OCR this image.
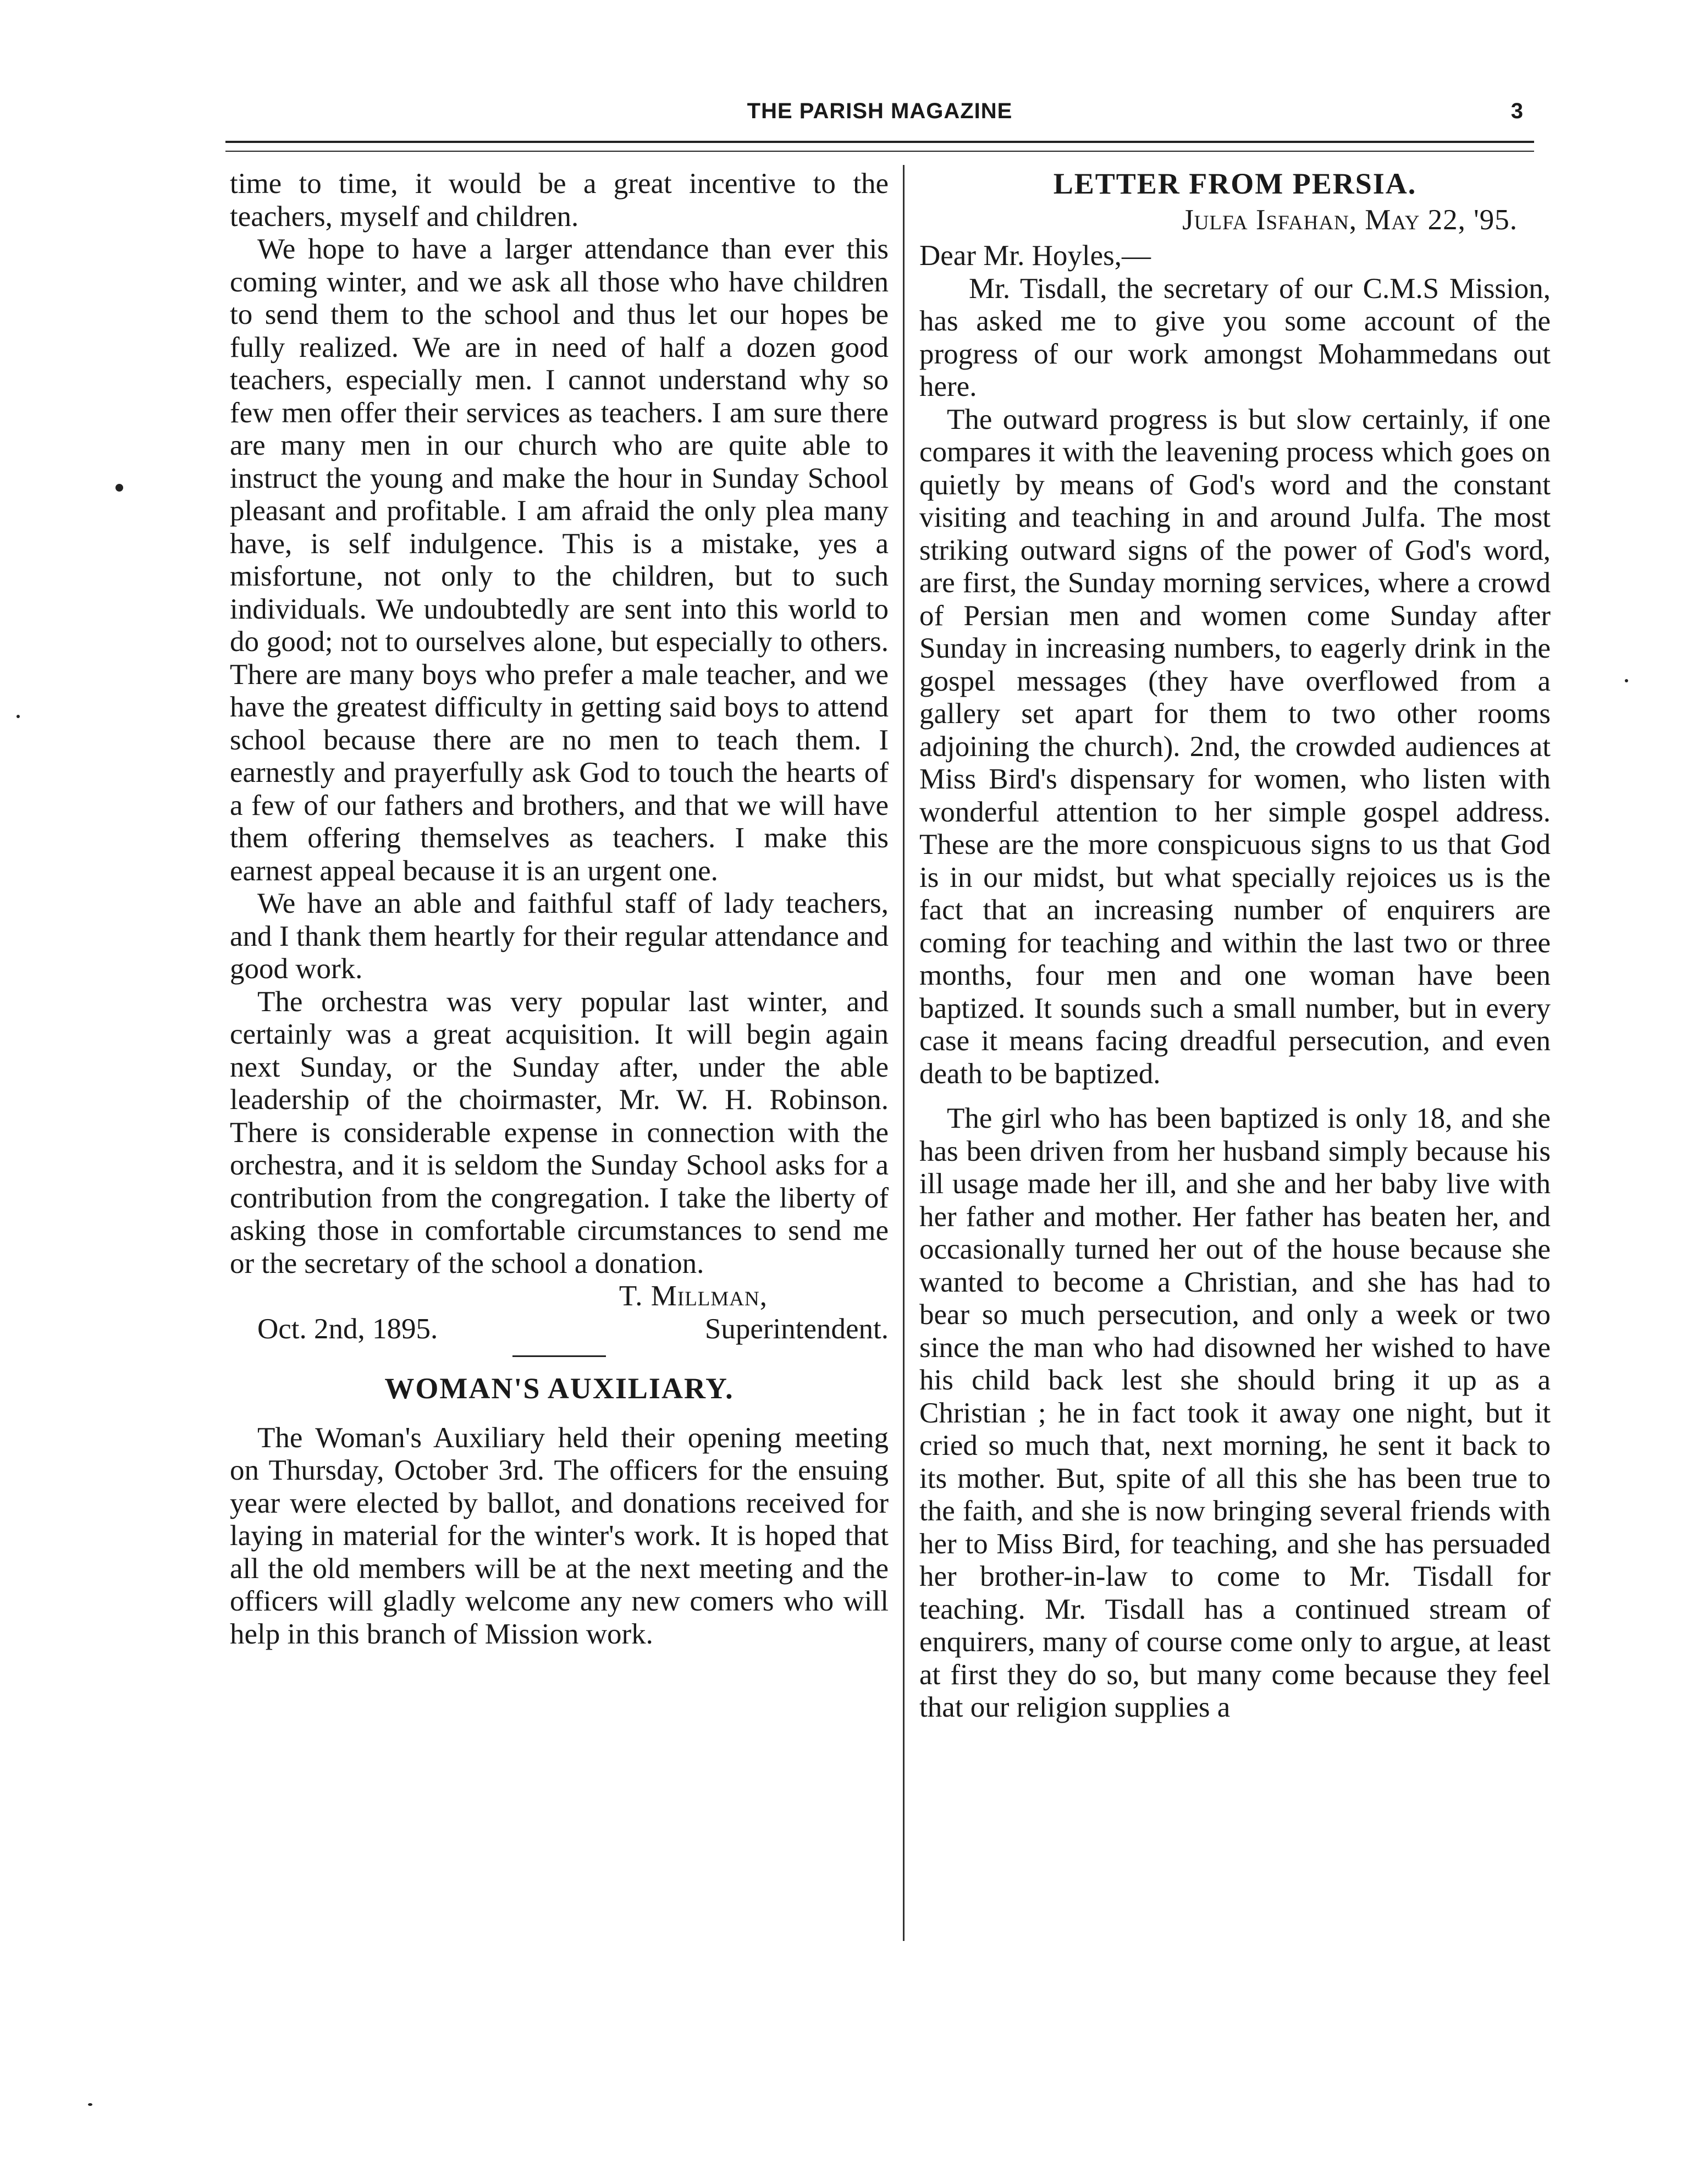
THE PARISH MAGAZINE	3

time to time, it would be a great incentive to the teachers, myself and children.

We hope to have a larger attendance than ever this coming winter, and we ask all those who have children to send them to the school and thus let our hopes be fully realized. We are in need of half a dozen good teachers, especially men. I cannot understand why so few men offer their services as teachers. I am sure there are many men in our church who are quite able to instruct the young and make the hour in Sunday School pleasant and profitable. I am afraid the only plea many have, is self indulgence. This is a mistake, yes a misfortune, not only to the children, but to such individuals. We undoubtedly are sent into this world to do good; not to ourselves alone, but especially to others. There are many boys who prefer a male teacher, and we have the greatest difficulty in getting said boys to attend school because there are no men to teach them. I earnestly and prayerfully ask God to touch the hearts of a few of our fathers and brothers, and that we will have them offering themselves as teachers. I make this earnest appeal because it is an urgent one.

We have an able and faithful staff of lady teachers, and I thank them heartly for their regular attendance and good work.

The orchestra was very popular last winter, and certainly was a great acquisition. It will begin again next Sunday, or the Sunday after, under the able leadership of the choirmaster, Mr. W. H. Robinson. There is considerable expense in connection with the orchestra, and it is seldom the Sunday School asks for a contribution from the congregation. I take the liberty of asking those in comfortable circumstances to send me or the secretary of the school a donation.

T. Millman,
Oct. 2nd, 1895.	Superintendent.
WOMAN'S AUXILIARY.

The Woman's Auxiliary held their opening meeting on Thursday, October 3rd. The officers for the ensuing year were elected by ballot, and donations received for laying in material for the winter's work. It is hoped that all the old members will be at the next meeting and the officers will gladly welcome any new comers who will help in this branch of Mission work.

LETTER FROM PERSIA.
Julfa Isfahan, May 22, '95.

Dear Mr. Hoyles,—

Mr. Tisdall, the secretary of our C.M.S Mission, has asked me to give you some account of the progress of our work amongst Mohammedans out here.

The outward progress is but slow certainly, if one compares it with the leavening process which goes on quietly by means of God's word and the constant visiting and teaching in and around Julfa. The most striking outward signs of the power of God's word, are first, the Sunday morning services, where a crowd of Persian men and women come Sunday after Sunday in increasing numbers, to eagerly drink in the gospel messages (they have overflowed from a gallery set apart for them to two other rooms adjoining the church). 2nd, the crowded audiences at Miss Bird's dispensary for women, who listen with wonderful attention to her simple gospel address. These are the more conspicuous signs to us that God is in our midst, but what specially rejoices us is the fact that an increasing number of enquirers are coming for teaching and within the last two or three months, four men and one woman have been baptized. It sounds such a small number, but in every case it means facing dreadful persecution, and even death to be baptized.

The girl who has been baptized is only 18, and she has been driven from her husband simply because his ill usage made her ill, and she and her baby live with her father and mother. Her father has beaten her, and occasionally turned her out of the house because she wanted to become a Christian, and she has had to bear so much persecution, and only a week or two since the man who had disowned her wished to have his child back lest she should bring it up as a Christian ; he in fact took it away one night, but it cried so much that, next morning, he sent it back to its mother. But, spite of all this she has been true to the faith, and she is now bringing several friends with her to Miss Bird, for teaching, and she has persuaded her brother-in-law to come to Mr. Tisdall for teaching. Mr. Tisdall has a continued stream of enquirers, many of course come only to argue, at least at first they do so, but many come because they feel that our religion supplies a
